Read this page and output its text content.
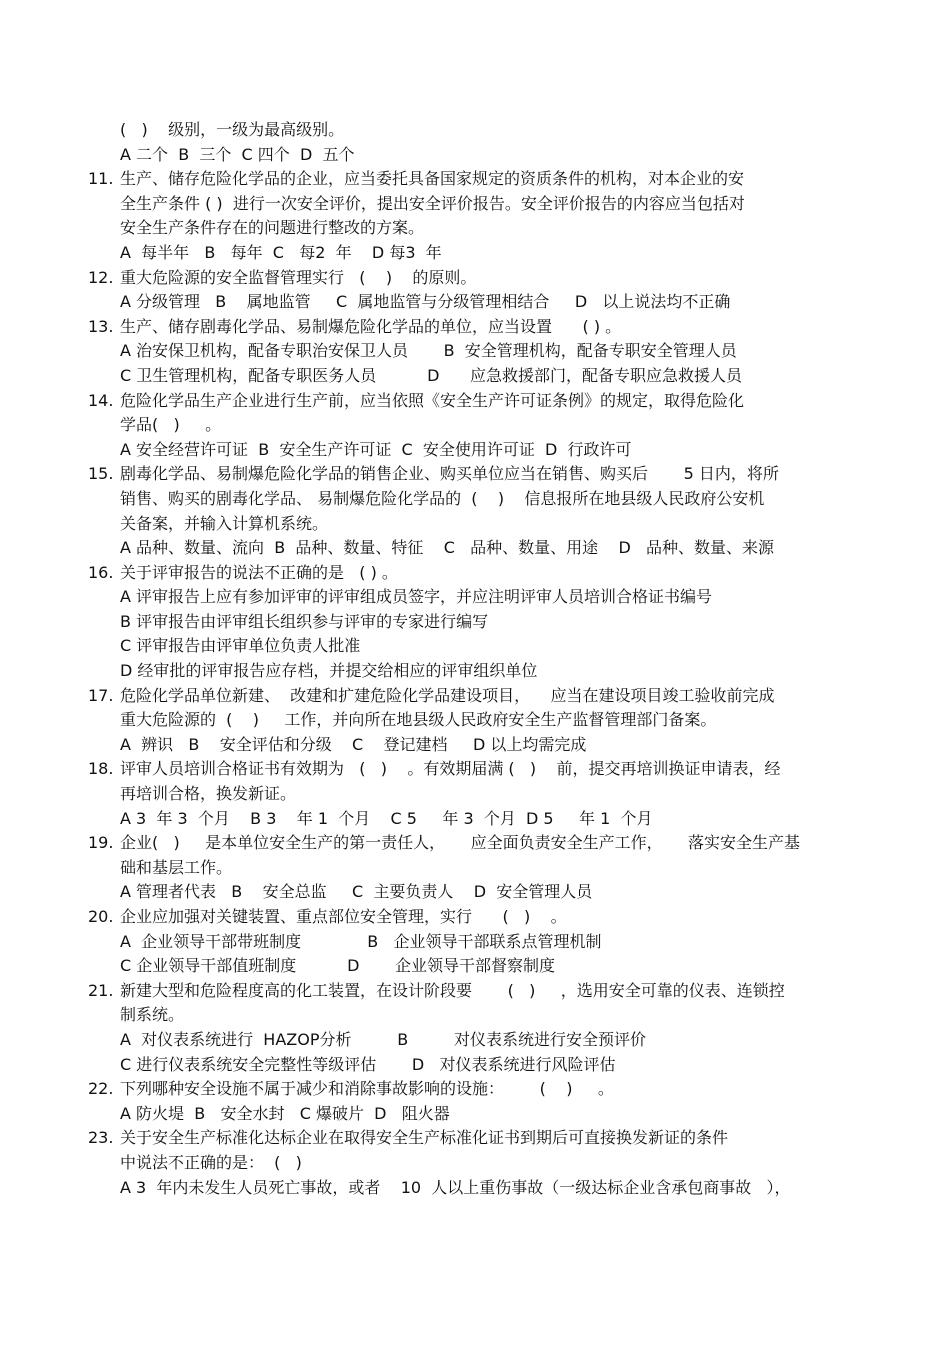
(   )    级别，一级为最高级别。
A 二个  B  三个  C 四个  D  五个
11. 生产、储存危险化学品的企业，应当委托具备国家规定的资质条件的机构，对本企业的安
全生产条件 ( )  进行一次安全评价，提出安全评价报告。安全评价报告的内容应当包括对
安全生产条件存在的问题进行整改的方案。
A  每半年   B   每年  C   每2  年    D 每3  年
12. 重大危险源的安全监督管理实行   (    )    的原则。
A 分级管理   B    属地监管     C  属地监管与分级管理相结合     D   以上说法均不正确
13. 生产、储存剧毒化学品、易制爆危险化学品的单位，应当设置      ( ) 。
A 治安保卫机构，配备专职治安保卫人员       B  安全管理机构，配备专职安全管理人员
C 卫生管理机构，配备专职医务人员          D      应急救援部门，配备专职应急救援人员
14. 危险化学品生产企业进行生产前，应当依照《安全生产许可证条例》的规定，取得危险化
学品(   )     。
A 安全经营许可证  B  安全生产许可证  C  安全使用许可证  D  行政许可
15. 剧毒化学品、易制爆危险化学品的销售企业、购买单位应当在销售、购买后       5 日内，将所
销售、购买的剧毒化学品、 易制爆危险化学品的  (    )    信息报所在地县级人民政府公安机
关备案，并输入计算机系统。
A 品种、数量、流向  B  品种、数量、特征    C   品种、数量、用途    D   品种、数量、来源
16. 关于评审报告的说法不正确的是   ( ) 。
A 评审报告上应有参加评审的评审组成员签字，并应注明评审人员培训合格证书编号
B 评审报告由评审组长组织参与评审的专家进行编写
C 评审报告由评审单位负责人批准
D 经审批的评审报告应存档，并提交给相应的评审组织单位
17. 危险化学品单位新建、  改建和扩建危险化学品建设项目，    应当在建设项目竣工验收前完成
重大危险源的  (    )     工作，并向所在地县级人民政府安全生产监督管理部门备案。
A  辨识   B    安全评估和分级    C    登记建档     D 以上均需完成
18. 评审人员培训合格证书有效期为   (   )    。有效期届满 (   )    前，提交再培训换证申请表，经
再培训合格，换发新证。
A 3  年 3  个月    B 3    年 1  个月    C 5     年 3  个月  D 5     年 1  个月
19. 企业(   )     是本单位安全生产的第一责任人，     应全面负责安全生产工作，     落实安全生产基
础和基层工作。
A 管理者代表   B    安全总监     C  主要负责人    D  安全管理人员
20. 企业应加强对关键装置、重点部位安全管理，实行      (   )    。
A  企业领导干部带班制度             B   企业领导干部联系点管理机制
C 企业领导干部值班制度          D       企业领导干部督察制度
21. 新建大型和危险程度高的化工装置，在设计阶段要       (   )     ，选用安全可靠的仪表、连锁控
制系统。
A  对仪表系统进行  HAZOP分析         B         对仪表系统进行安全预评价
C 进行仪表系统安全完整性等级评估       D   对仪表系统进行风险评估
22. 下列哪种安全设施不属于减少和消除事故影响的设施：       (    )     。
A 防火堤  B   安全水封   C 爆破片  D   阻火器
23. 关于安全生产标准化达标企业在取得安全生产标准化证书到期后可直接换发新证的条件
中说法不正确的是：  (   )
A 3  年内未发生人员死亡事故，或者    10  人以上重伤事故（一级达标企业含承包商事故   ），
